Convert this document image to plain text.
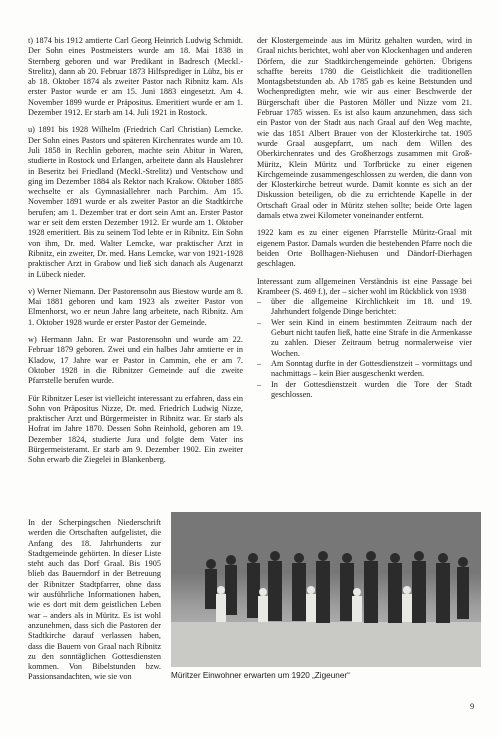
t) 1874 bis 1912 amtierte Carl Georg Heinrich Ludwig Schmidt. Der Sohn eines Postmeisters wurde am 18. Mai 1838 in Sternberg geboren und war Predikant in Badresch (Meckl.-Strelitz), dann ab 20. Februar 1873 Hilfsprediger in Lübz, bis er ab 18. Oktober 1874 als zweiter Pastor nach Ribnitz kam. Als erster Pastor wurde er am 15. Juni 1883 eingesetzt. Am 4. November 1899 wurde er Präpositus. Emeritiert wurde er am 1. Dezember 1912. Er starb am 14. Juli 1921 in Rostock.

u) 1891 bis 1928 Wilhelm (Friedrich Carl Christian) Lemcke. Der Sohn eines Pastors und späteren Kirchenrates wurde am 10. Juli 1858 in Rechlin geboren, machte sein Abitur in Waren, studierte in Rostock und Erlangen, arbeitete dann als Hauslehrer in Beseritz bei Friedland (Meckl.-Strelitz) und Ventschow und ging im Dezember 1884 als Rektor nach Krakow. Oktober 1885 wechselte er als Gymnasiallehrer nach Parchim. Am 15. November 1891 wurde er als zweiter Pastor an die Stadtkirche berufen; am 1. Dezember trat er dort sein Amt an. Erster Pastor war er seit dem ersten Dezember 1912. Er wurde am 1. Oktober 1928 emeritiert. Bis zu seinem Tod lebte er in Ribnitz. Ein Sohn von ihm, Dr. med. Walter Lemcke, war praktischer Arzt in Ribnitz, ein zweiter, Dr. med. Hans Lemcke, war von 1921-1928 praktischer Arzt in Grabow und ließ sich danach als Augenarzt in Lübeck nieder.

v) Werner Niemann. Der Pastorensohn aus Biestow wurde am 8. Mai 1881 geboren und kam 1923 als zweiter Pastor von Elmenhorst, wo er neun Jahre lang arbeitete, nach Ribnitz. Am 1. Oktober 1928 wurde er erster Pastor der Gemeinde.

w) Hermann Jahn. Er war Pastorensohn und wurde am 22. Februar 1879 geboren. Zwei und ein halbes Jahr amtierte er in Kladow, 17 Jahre war er Pastor in Cammin, ehe er am 7. Oktober 1928 in die Ribnitzer Gemeinde auf die zweite Pfarrstelle berufen wurde.

Für Ribnitzer Leser ist vielleicht interessant zu erfahren, dass ein Sohn von Präpositus Nizze, Dr. med. Friedrich Ludwig Nizze, praktischer Arzt und Bürgermeister in Ribnitz war. Er starb als Hofrat im Jahre 1870. Dessen Sohn Reinhold, geboren am 19. Dezember 1824, studierte Jura und folgte dem Vater ins Bürgermeisteramt. Er starb am 9. Dezember 1902. Ein zweiter Sohn erwarb die Ziegelei in Blankenberg.

In der Scherpingschen Niederschrift werden die Ortschaften aufgelistet, die Anfang des 18. Jahrhunderts zur Stadtgemeinde gehörten. In dieser Liste steht auch das Dorf Graal. Bis 1905 blieb das Bauerndorf in der Betreuung der Ribnitzer Stadtpfarrer, ohne dass wir ausführliche Informationen haben, wie es dort mit dem geistlichen Leben war – anders als in Müritz. Es ist wohl anzunehmen, dass sich die Pastoren der Stadtkirche darauf verlassen haben, dass die Bauern von Graal nach Ribnitz zu den sonntäglichen Gottesdiensten kommen. Von Bibelstunden bzw. Passionsandachten, wie sie von

der Klostergemeinde aus im Müritz gehalten wurden, wird in Graal nichts berichtet, wohl aber von Klockenhagen und anderen Dörfern, die zur Stadtkirchengemeinde gehörten. Übrigens schaffte bereits 1780 die Geistlichkeit die traditionellen Montagsbetstunden ab. Ab 1785 gab es keine Betstunden und Wochenpredigten mehr, wie wir aus einer Beschwerde der Bürgerschaft über die Pastoren Möller und Nizze vom 21. Februar 1785 wissen. Es ist also kaum anzunehmen, dass sich ein Pastor von der Stadt aus nach Graal auf den Weg machte, wie das 1851 Albert Brauer von der Klosterkirche tat. 1905 wurde Graal ausgepfarrt, um nach dem Willen des Oberkirchenrates und des Großherzogs zusammen mit Groß-Müritz, Klein Müritz und Torfbrücke zu einer eigenen Kirchgemeinde zusammengeschlossen zu werden, die dann von der Klosterkirche betreut wurde. Damit konnte es sich an der Diskussion beteiligen, ob die zu errichtende Kapelle in der Ortschaft Graal oder in Müritz stehen sollte; beide Orte lagen damals etwa zwei Kilometer voneinander entfernt.

1922 kam es zu einer eigenen Pfarrstelle Müritz-Graal mit eigenem Pastor. Damals wurden die bestehenden Pfarre noch die beiden Orte Bollhagen-Niehusen und Dändorf-Dierhagen geschlagen.

Interessant zum allgemeinen Verständnis ist eine Passage bei Krambeer (S. 469 f.), der – sicher wohl im Rückblick von 1938

– über die allgemeine Kirchlichkeit im 18. und 19. Jahrhundert folgende Dinge berichtet:
– Wer sein Kind in einem bestimmten Zeitraum nach der Geburt nicht taufen ließ, hatte eine Strafe in die Armenkasse zu zahlen. Dieser Zeitraum betrug normalerweise vier Wochen.
– Am Sonntag durfte in der Gottesdienstzeit – vormittags und nachmittags – kein Bier ausgeschenkt werden.
– In der Gottesdienstzeit wurden die Tore der Stadt geschlossen.
Müritzer Einwohner erwarten um 1920 „Zigeuner“
9
